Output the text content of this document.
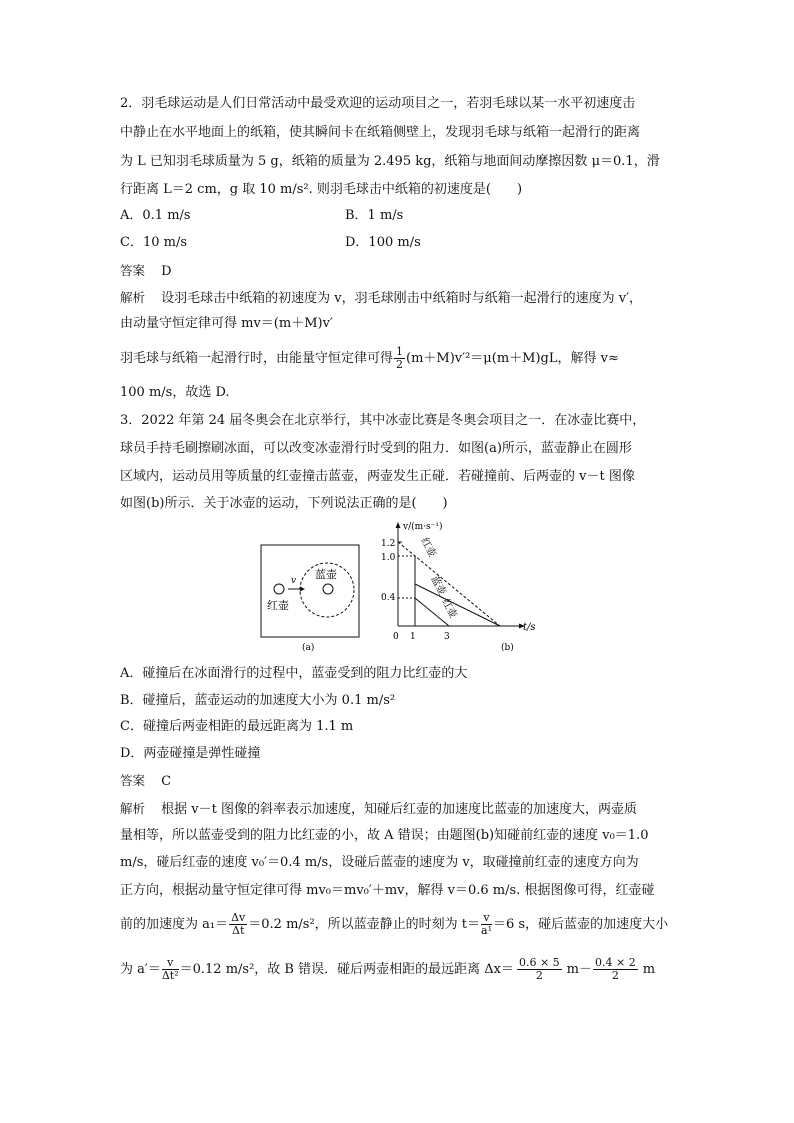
2．羽毛球运动是人们日常活动中最受欢迎的运动项目之一，若羽毛球以某一水平初速度击
中静止在水平地面上的纸箱，使其瞬间卡在纸箱侧壁上，发现羽毛球与纸箱一起滑行的距离
为 L 已知羽毛球质量为 5 g，纸箱的质量为 2.495 kg，纸箱与地面间动摩擦因数 μ＝0.1，滑
行距离 L＝2 cm，g 取 10 m/s². 则羽毛球击中纸箱的初速度是(　　)
A．0.1 m/s	B．1 m/s
C．10 m/s	D．100 m/s
答案 D
解析 设羽毛球击中纸箱的初速度为 v，羽毛球刚击中纸箱时与纸箱一起滑行的速度为 v′，
由动量守恒定律可得 mv＝(m＋M)v′
羽毛球与纸箱一起滑行时，由能量守恒定律可得 $\frac{1}{2} (m+M)v'^2=\mu(m+M)gL$，解得 v≈
100 m/s，故选 D.
3．2022 年第 24 届冬奥会在北京举行，其中冰壶比赛是冬奥会项目之一．在冰壶比赛中，
球员手持毛刷擦刷冰面，可以改变冰壶滑行时受到的阻力．如图(a)所示，蓝壶静止在圆形
区域内，运动员用等质量的红壶撞击蓝壶，两壶发生正碰．若碰撞前、后两壶的 v－t 图像
如图(b)所示．关于冰壶的运动，下列说法正确的是(　　)
v 蓝壶
红壶
(a)
v/(m·s⁻¹)
t/s
0
1.2
1.0
0.4
1	3
(b)
红壶
蓝壶
红壶
A．碰撞后在冰面滑行的过程中，蓝壶受到的阻力比红壶的大
B．碰撞后，蓝壶运动的加速度大小为 0.1 m/s²
C．碰撞后两壶相距的最远距离为 1.1 m
D．两壶碰撞是弹性碰撞
答案 C
解析 根据 v－t 图像的斜率表示加速度，知碰后红壶的加速度比蓝壶的加速度大，两壶质
量相等，所以蓝壶受到的阻力比红壶的小，故 A 错误；由题图(b)知碰前红壶的速度 v₀＝1.0
m/s，碰后红壶的速度 v₀′＝0.4 m/s，设碰后蓝壶的速度为 v，取碰撞前红壶的速度方向为
正方向，根据动量守恒定律可得 mv₀＝mv₀′＋mv，解得 v＝0.6 m/s. 根据图像可得，红壶碰
前的加速度为 $a_1= \frac{\Delta v}{\Delta t} =0.2$ m/s²，所以蓝壶静止的时刻为 $t= \frac{v}{\text{a¹}} =6$ s，碰后蓝壶的加速度大小
为 $a'= \frac{v}{\text{Δt²}} =0.12$ m/s²，故 B 错误．碰后两壶相距的最远距离 $\Delta x= \frac{0.6 \times 5}{2} m- \frac{0.4 \times 2}{2}$ m
